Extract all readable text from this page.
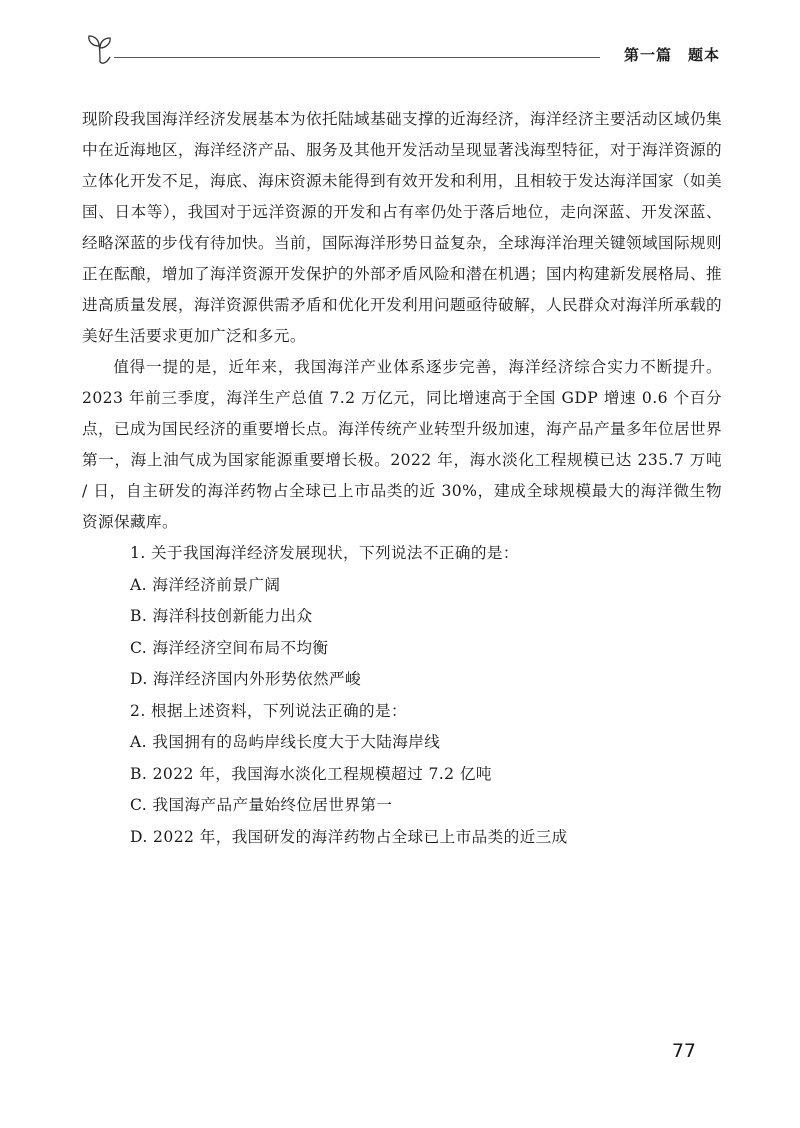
第一篇　题本

现阶段我国海洋经济发展基本为依托陆域基础支撑的近海经济，海洋经济主要活动区域仍集中在近海地区，海洋经济产品、服务及其他开发活动呈现显著浅海型特征，对于海洋资源的立体化开发不足，海底、海床资源未能得到有效开发和利用，且相较于发达海洋国家（如美国、日本等），我国对于远洋资源的开发和占有率仍处于落后地位，走向深蓝、开发深蓝、经略深蓝的步伐有待加快。当前，国际海洋形势日益复杂，全球海洋治理关键领域国际规则正在酝酿，增加了海洋资源开发保护的外部矛盾风险和潜在机遇；国内构建新发展格局、推进高质量发展，海洋资源供需矛盾和优化开发利用问题亟待破解，人民群众对海洋所承载的美好生活要求更加广泛和多元。

值得一提的是，近年来，我国海洋产业体系逐步完善，海洋经济综合实力不断提升。2023 年前三季度，海洋生产总值 7.2 万亿元，同比增速高于全国 GDP 增速 0.6 个百分点，已成为国民经济的重要增长点。海洋传统产业转型升级加速，海产品产量多年位居世界第一，海上油气成为国家能源重要增长极。2022 年，海水淡化工程规模已达 235.7 万吨 / 日，自主研发的海洋药物占全球已上市品类的近 30%，建成全球规模最大的海洋微生物资源保藏库。

1. 关于我国海洋经济发展现状，下列说法不正确的是：

A. 海洋经济前景广阔

B. 海洋科技创新能力出众

C. 海洋经济空间布局不均衡

D. 海洋经济国内外形势依然严峻

2. 根据上述资料，下列说法正确的是：

A. 我国拥有的岛屿岸线长度大于大陆海岸线

B. 2022 年，我国海水淡化工程规模超过 7.2 亿吨

C. 我国海产品产量始终位居世界第一

D. 2022 年，我国研发的海洋药物占全球已上市品类的近三成

77
